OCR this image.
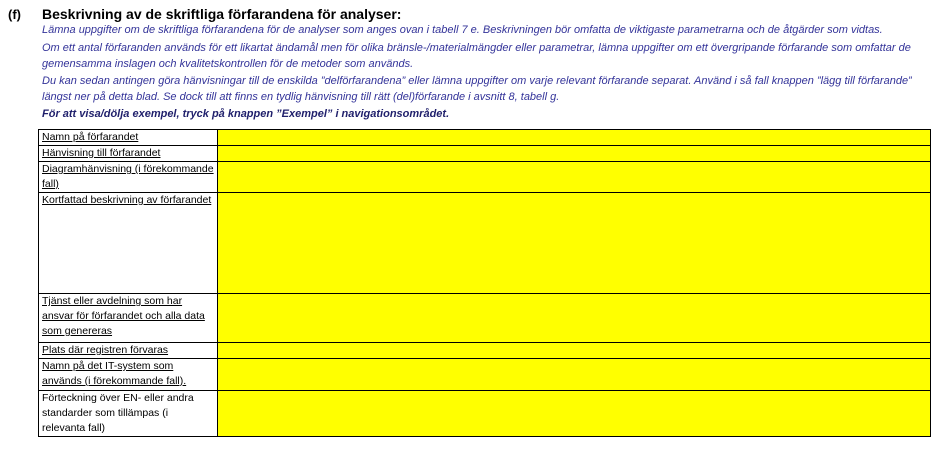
(f) Beskrivning av de skriftliga förfarandena för analyser:
Lämna uppgifter om de skriftliga förfarandena för de analyser som anges ovan i tabell 7 e. Beskrivningen bör omfatta de viktigaste parametrarna och de åtgärder som vidtas.
Om ett antal förfaranden används för ett likartat ändamål men för olika bränsle-/materialmängder eller parametrar, lämna uppgifter om ett övergripande förfarande som omfattar de gemensamma inslagen och kvalitetskontrollen för de metoder som används.
Du kan sedan antingen göra hänvisningar till de enskilda ”delförfarandena” eller lämna uppgifter om varje relevant förfarande separat. Använd i så fall knappen ”lägg till förfarande” längst ner på detta blad. Se dock till att finns en tydlig hänvisning till rätt (del)förfarande i avsnitt 8, tabell g.
För att visa/dölja exempel, tryck på knappen ”Exempel” i navigationsområdet.
Namn på förfarandet	
Hänvisning till förfarandet	
Diagramhänvisning (i förekommande fall)	
Kortfattad beskrivning av förfarandet	
Tjänst eller avdelning som har ansvar för förfarandet och alla data som genereras	
Plats där registren förvaras	
Namn på det IT-system som används (i förekommande fall).	
Förteckning över EN- eller andra standarder som tillämpas (i relevanta fall)	
